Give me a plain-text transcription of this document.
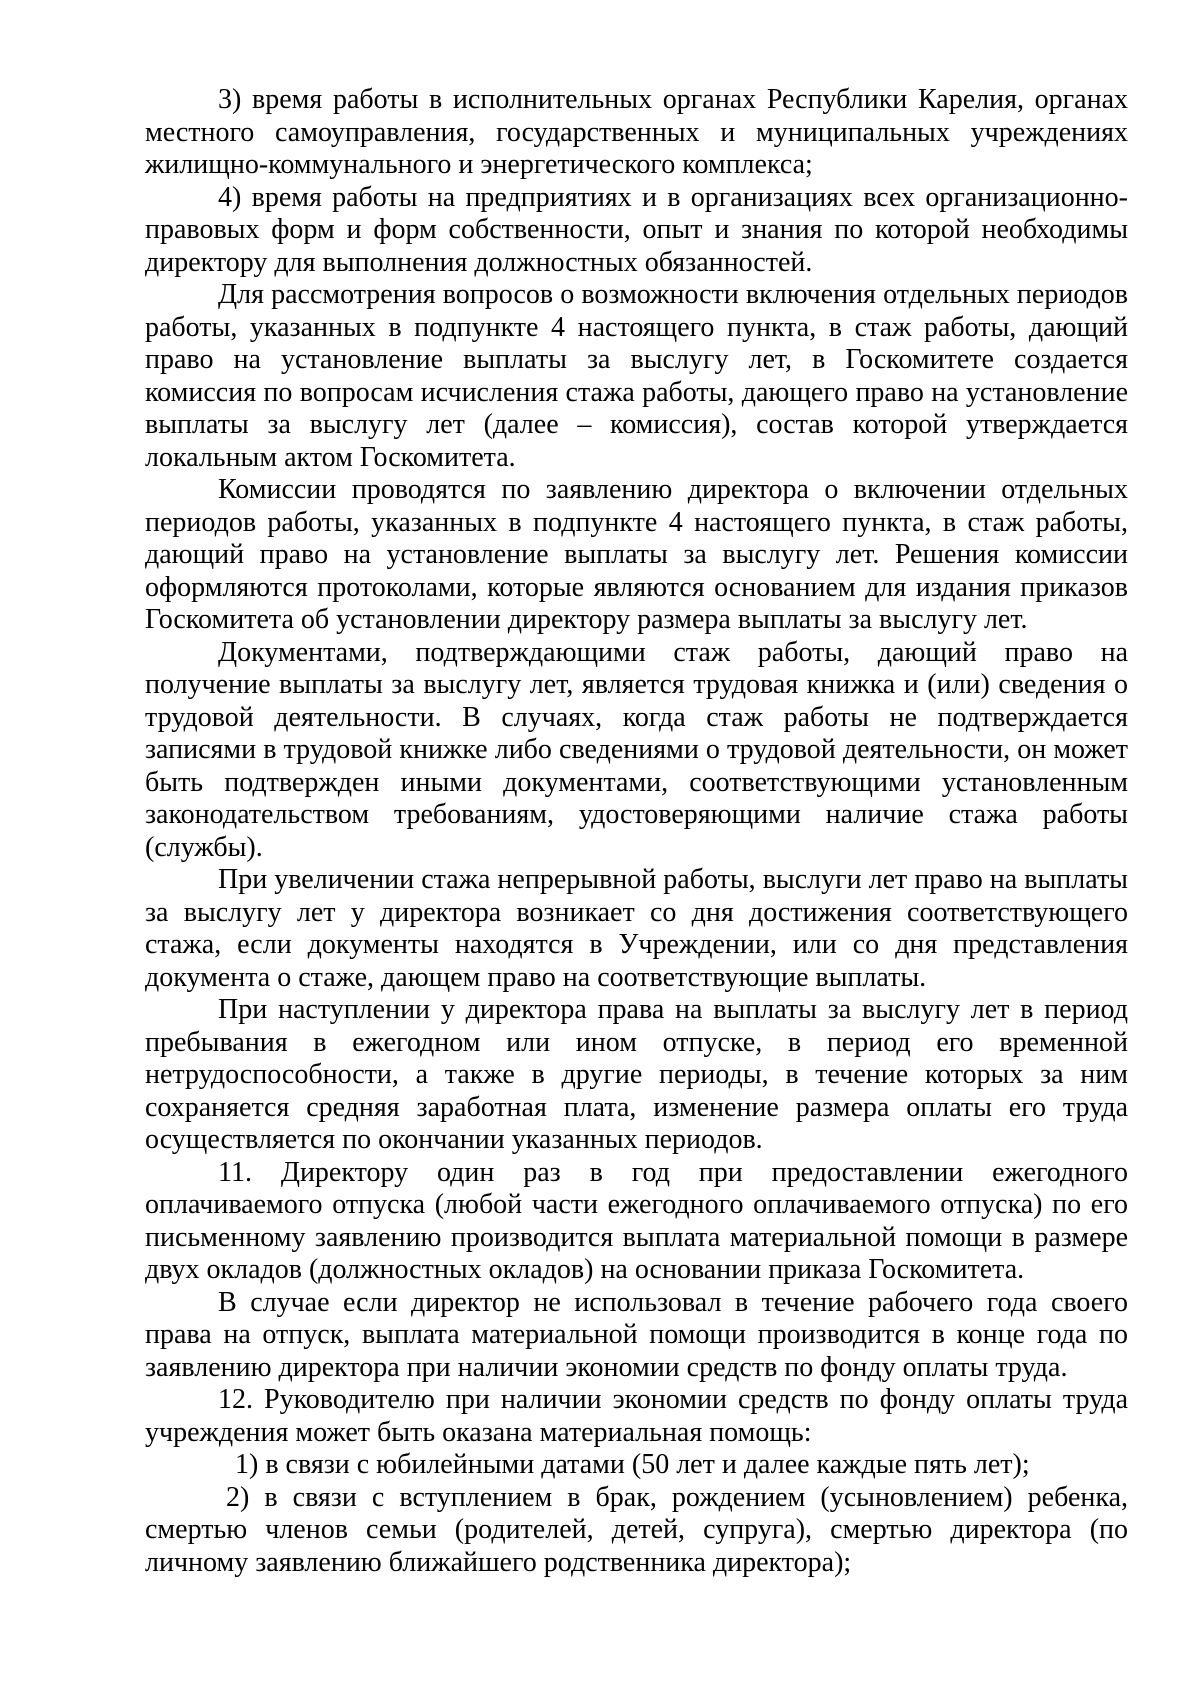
3) время работы в исполнительных органах Республики Карелия, органах местного самоуправления, государственных и муниципальных учреждениях жилищно-коммунального и энергетического комплекса;

4) время работы на предприятиях и в организациях всех организационно-правовых форм и форм собственности, опыт и знания по которой необходимы директору для выполнения должностных обязанностей.

Для рассмотрения вопросов о возможности включения отдельных периодов работы, указанных в подпункте 4 настоящего пункта, в стаж работы, дающий право на установление выплаты за выслугу лет, в Госкомитете создается комиссия по вопросам исчисления стажа работы, дающего право на установление выплаты за выслугу лет (далее – комиссия), состав которой утверждается локальным актом Госкомитета.

Комиссии проводятся по заявлению директора о включении отдельных периодов работы, указанных в подпункте 4 настоящего пункта, в стаж работы, дающий право на установление выплаты за выслугу лет. Решения комиссии оформляются протоколами, которые являются основанием для издания приказов Госкомитета об установлении директору размера выплаты за выслугу лет.

Документами, подтверждающими стаж работы, дающий право на получение выплаты за выслугу лет, является трудовая книжка и (или) сведения о трудовой деятельности. В случаях, когда стаж работы не подтверждается записями в трудовой книжке либо сведениями о трудовой деятельности, он может быть подтвержден иными документами, соответствующими установленным законодательством требованиям, удостоверяющими наличие стажа работы (службы).

При увеличении стажа непрерывной работы, выслуги лет право на выплаты за выслугу лет у директора возникает со дня достижения соответствующего стажа, если документы находятся в Учреждении, или со дня представления документа о стаже, дающем право на соответствующие выплаты.

При наступлении у директора права на выплаты за выслугу лет в период пребывания в ежегодном или ином отпуске, в период его временной нетрудоспособности, а также в другие периоды, в течение которых за ним сохраняется средняя заработная плата, изменение размера оплаты его труда осуществляется по окончании указанных периодов.

11. Директору один раз в год при предоставлении ежегодного оплачиваемого отпуска (любой части ежегодного оплачиваемого отпуска) по его письменному заявлению производится выплата материальной помощи в размере двух окладов (должностных окладов) на основании приказа Госкомитета.

В случае если директор не использовал в течение рабочего года своего права на отпуск, выплата материальной помощи производится в конце года по заявлению директора при наличии экономии средств по фонду оплаты труда.

12. Руководителю при наличии экономии средств по фонду оплаты труда учреждения может быть оказана материальная помощь:

1) в связи с юбилейными датами (50 лет и далее каждые пять лет);

2) в связи с вступлением в брак, рождением (усыновлением) ребенка, смертью членов семьи (родителей, детей, супруга), смертью директора (по личному заявлению ближайшего родственника директора);
